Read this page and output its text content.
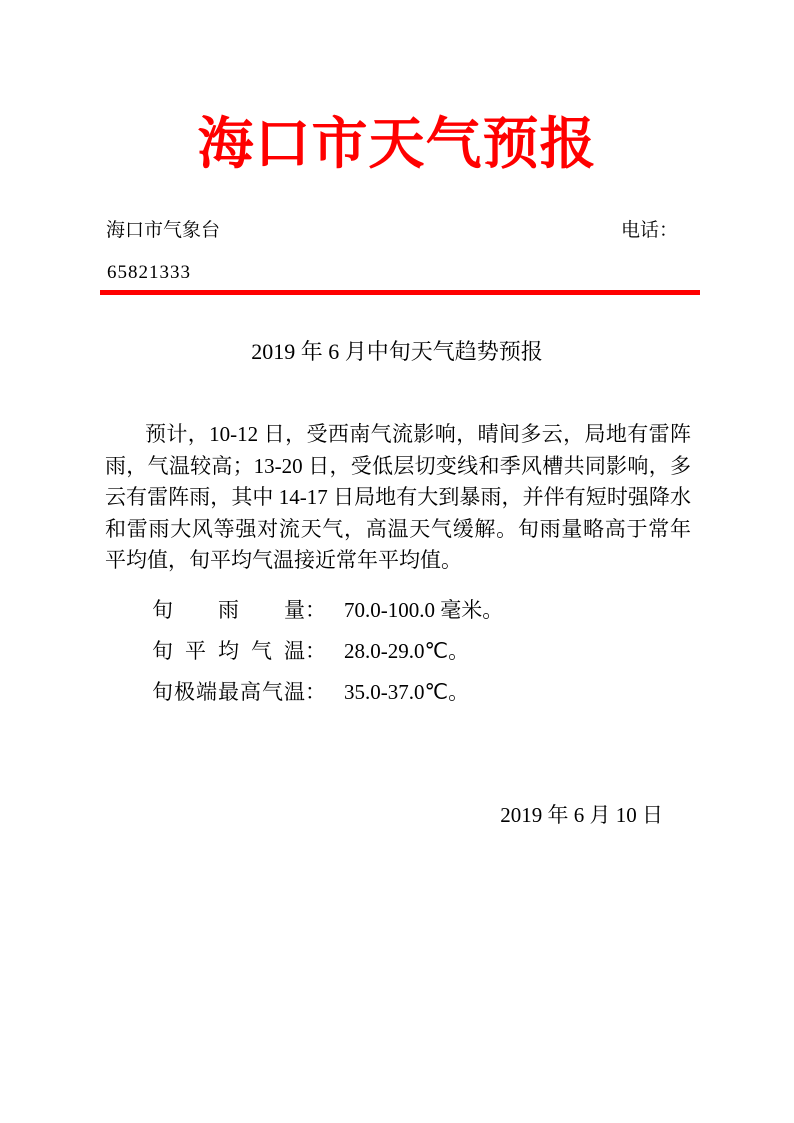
海口市天气预报
海口市气象台	电话：
65821333
2019 年 6 月中旬天气趋势预报

预计，10-12 日，受西南气流影响，晴间多云，局地有雷阵雨，气温较高；13-20 日，受低层切变线和季风槽共同影响，多云有雷阵雨，其中 14-17 日局地有大到暴雨，并伴有短时强降水和雷雨大风等强对流天气，高温天气缓解。旬雨量略高于常年平均值，旬平均气温接近常年平均值。

旬雨量： 70.0-100.0 毫米。
旬平均气温： 28.0-29.0℃。
旬极端最高气温： 35.0-37.0℃。
2019 年 6 月 10 日
